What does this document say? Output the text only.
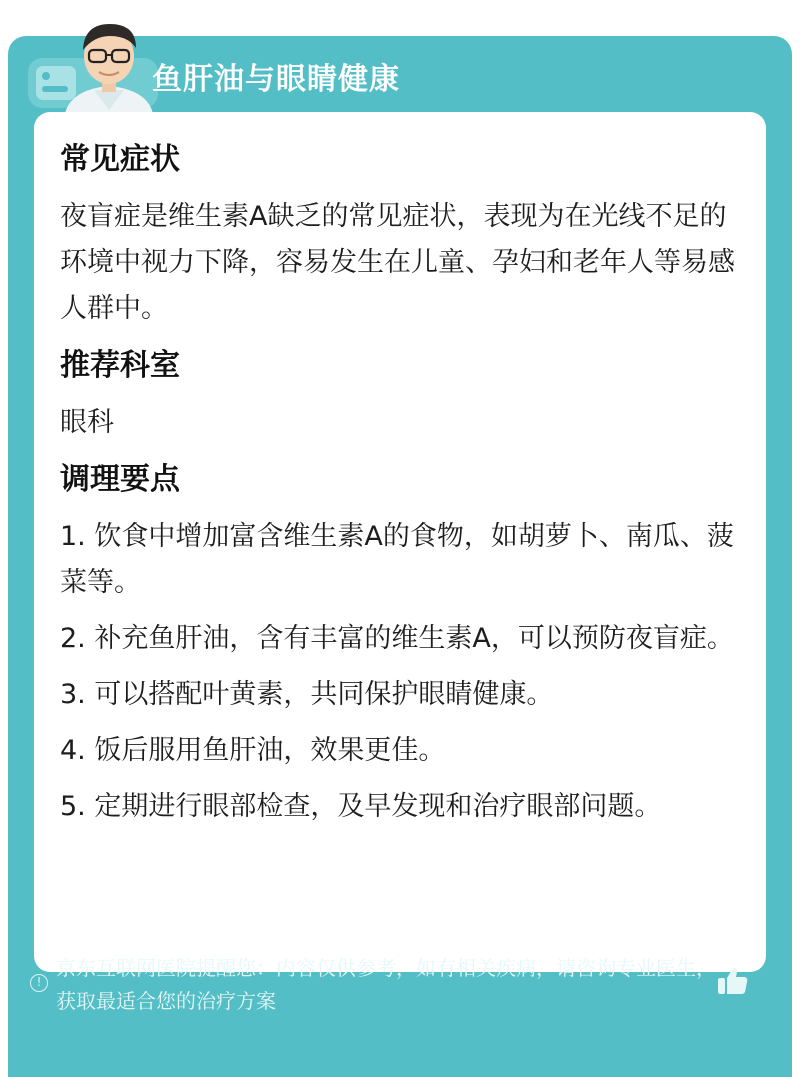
鱼肝油与眼睛健康
常见症状
夜盲症是维生素A缺乏的常见症状，表现为在光线不足的环境中视力下降，容易发生在儿童、孕妇和老年人等易感人群中。
推荐科室
眼科
调理要点
1. 饮食中增加富含维生素A的食物，如胡萝卜、南瓜、菠菜等。
2. 补充鱼肝油，含有丰富的维生素A，可以预防夜盲症。
3. 可以搭配叶黄素，共同保护眼睛健康。
4. 饭后服用鱼肝油，效果更佳。
5. 定期进行眼部检查，及早发现和治疗眼部问题。
!
京东互联网医院提醒您：内容仅供参考，如有相关疾病，请咨询专业医生，获取最适合您的治疗方案
